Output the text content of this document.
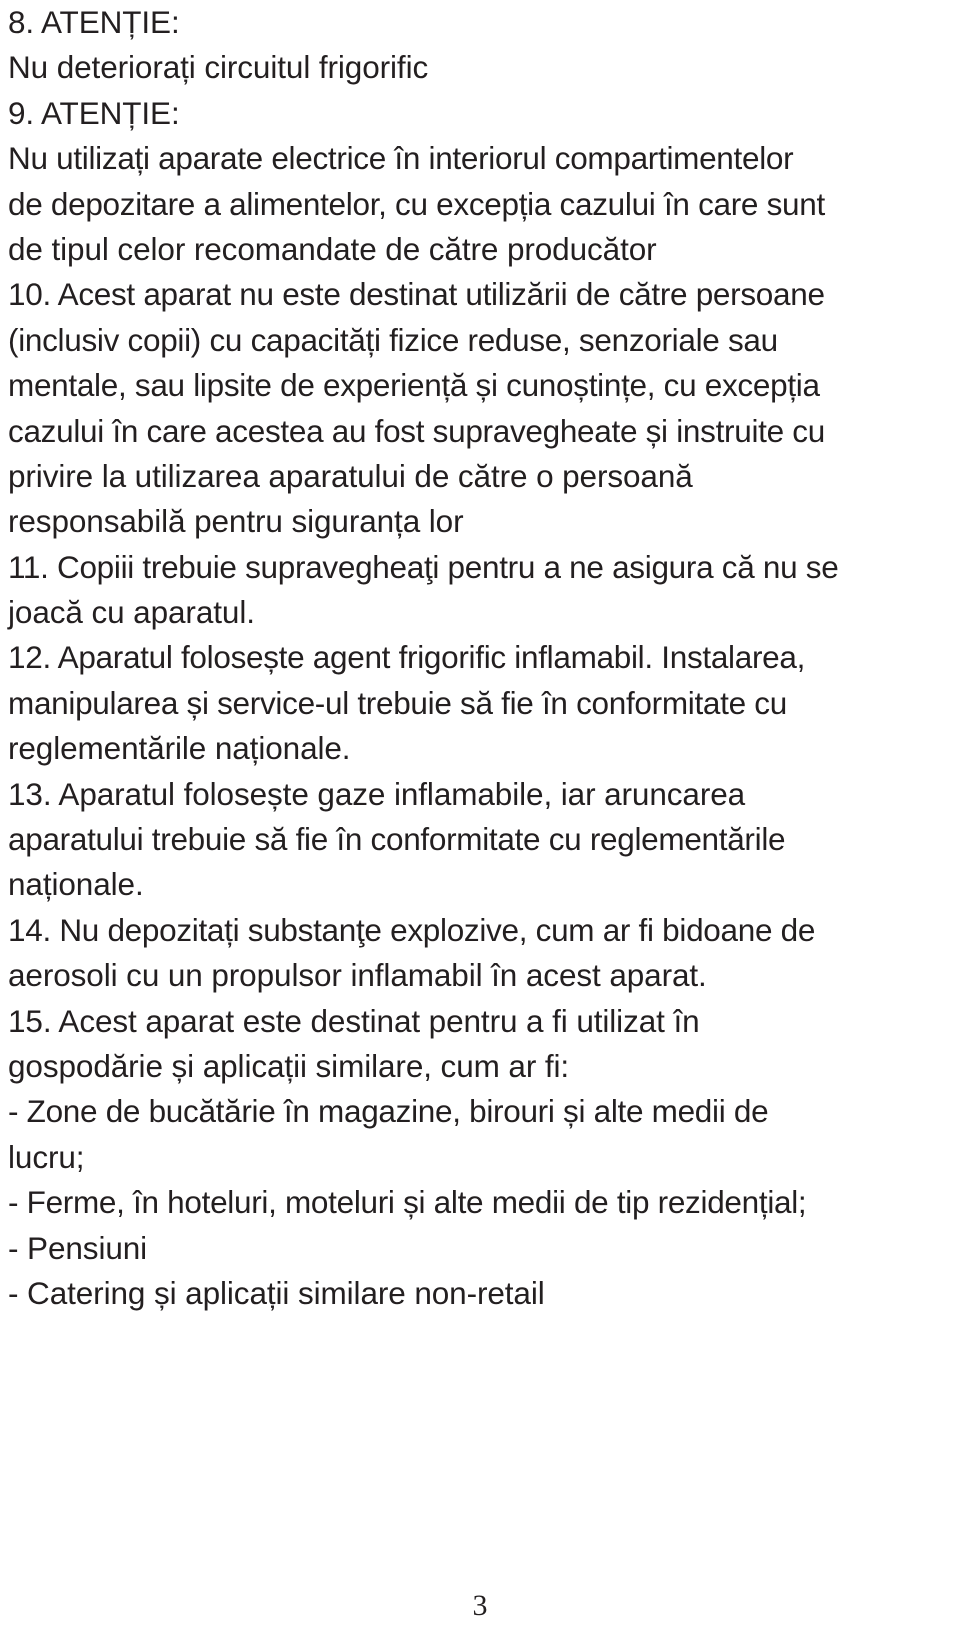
8. ATENȚIE:

Nu deteriorați circuitul frigorific

9. ATENȚIE:

Nu utilizați aparate electrice în interiorul compartimentelor

de depozitare a alimentelor, cu excepția cazului în care sunt

de tipul celor recomandate de către producător

10. Acest aparat nu este destinat utilizării de către persoane

(inclusiv copii) cu capacități fizice reduse, senzoriale sau

mentale, sau lipsite de experiență și cunoștințe, cu excepția

cazului în care acestea au fost supravegheate și instruite cu

privire la utilizarea aparatului de către o persoană

responsabilă pentru siguranța lor

11. Copiii trebuie supravegheaţi pentru a ne asigura că nu se

joacă cu aparatul.

12. Aparatul folosește agent frigorific inflamabil. Instalarea,

manipularea și service-ul trebuie să fie în conformitate cu

reglementările naționale.

13. Aparatul folosește gaze inflamabile, iar aruncarea

aparatului trebuie să fie în conformitate cu reglementările

naționale.

14. Nu depozitați substanţe explozive, cum ar fi bidoane de

aerosoli cu un propulsor inflamabil în acest aparat.

15. Acest aparat este destinat pentru a fi utilizat în

gospodărie și aplicații similare, cum ar fi:

- Zone de bucătărie în magazine, birouri și alte medii de

lucru;

- Ferme, în hoteluri, moteluri și alte medii de tip rezidențial;

- Pensiuni

- Catering și aplicații similare non-retail

3
